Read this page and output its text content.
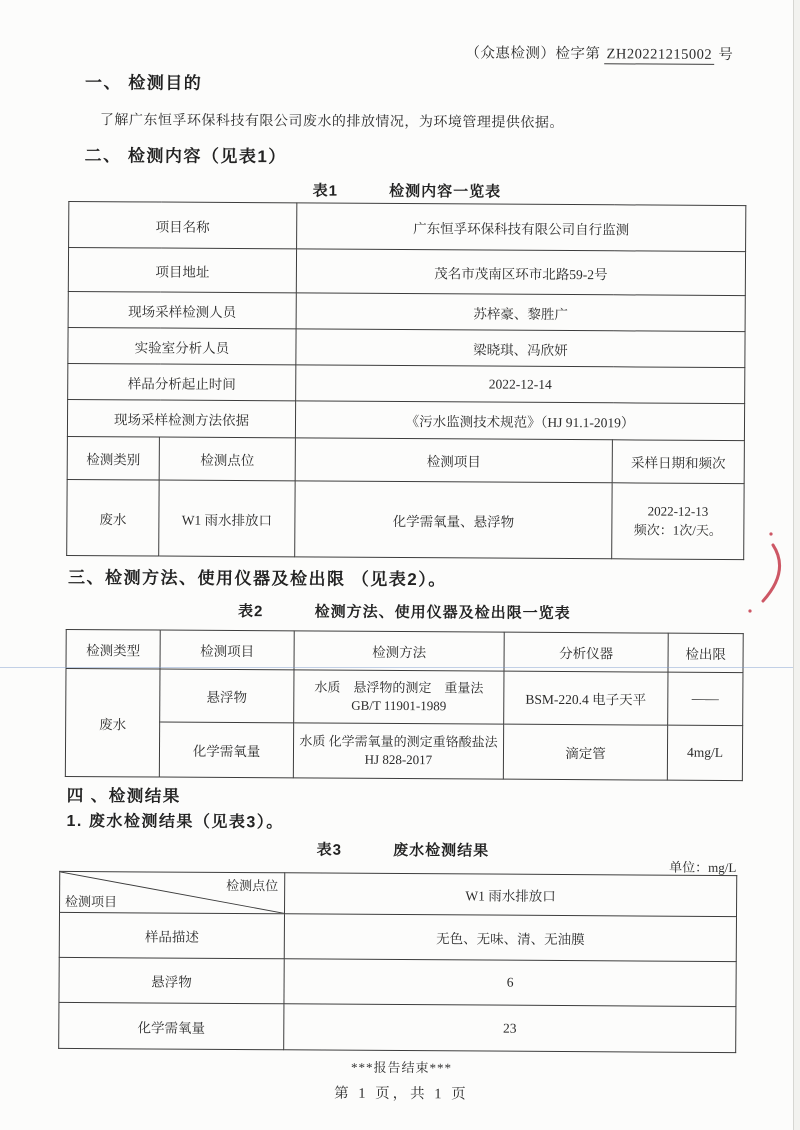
（众惠检测）检字第 ZH20221215002 号
一、 检测目的
了解广东恒孚环保科技有限公司废水的排放情况，为环境管理提供依据。
二、 检测内容（见表1）
表1	检测内容一览表
项目名称		广东恒孚环保科技有限公司自行监测	
项目地址		茂名市茂南区环市北路59-2号	
现场采样检测人员		苏梓豪、黎胜广	
实验室分析人员		梁晓琪、冯欣妍	
样品分析起止时间		2022-12-14	
现场采样检测方法依据		《污水监测技术规范》（HJ 91.1-2019）	
检测类别	检测点位	检测项目	采样日期和频次
废水	W1 雨水排放口	化学需氧量、悬浮物	2022-12-13
频次：1次/天。
三、检测方法、使用仪器及检出限 （见表2）。
表2	检测方法、使用仪器及检出限一览表
检测类型	检测项目	检测方法	分析仪器	检出限
废水	悬浮物	水质　悬浮物的测定　重量法
GB/T 11901-1989	BSM-220.4 电子天平	——
	化学需氧量	水质 化学需氧量的测定重铬酸盐法
HJ 828-2017	滴定管	4mg/L
四 、检测结果
1. 废水检测结果（见表3）。
表3	废水检测结果
单位：mg/L
检测点位
检测项目	W1 雨水排放口
样品描述	无色、无味、清、无油膜
悬浮物	6
化学需氧量	23
***报告结束***
第 1 页，共 1 页
